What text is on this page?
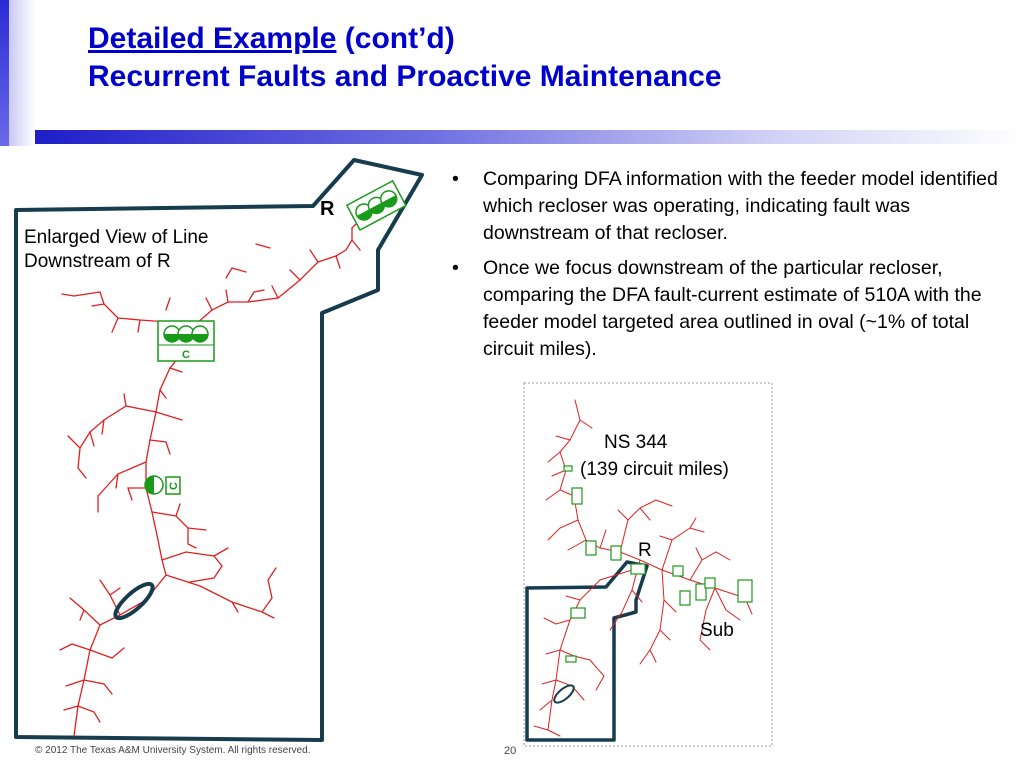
Detailed Example (cont’d)
Recurrent Faults and Proactive Maintenance
C
C
Enlarged View of Line
Downstream of R
R
• Comparing DFA information with the feeder model identified which recloser was operating, indicating fault was downstream of that recloser.
• Once we focus downstream of the particular recloser, comparing the DFA fault-current estimate of 510A with the feeder model targeted area outlined in oval (~1% of total circuit miles).
NS 344
(139 circuit miles)
R
Sub
© 2012 The Texas A&M University System. All rights reserved.	20
